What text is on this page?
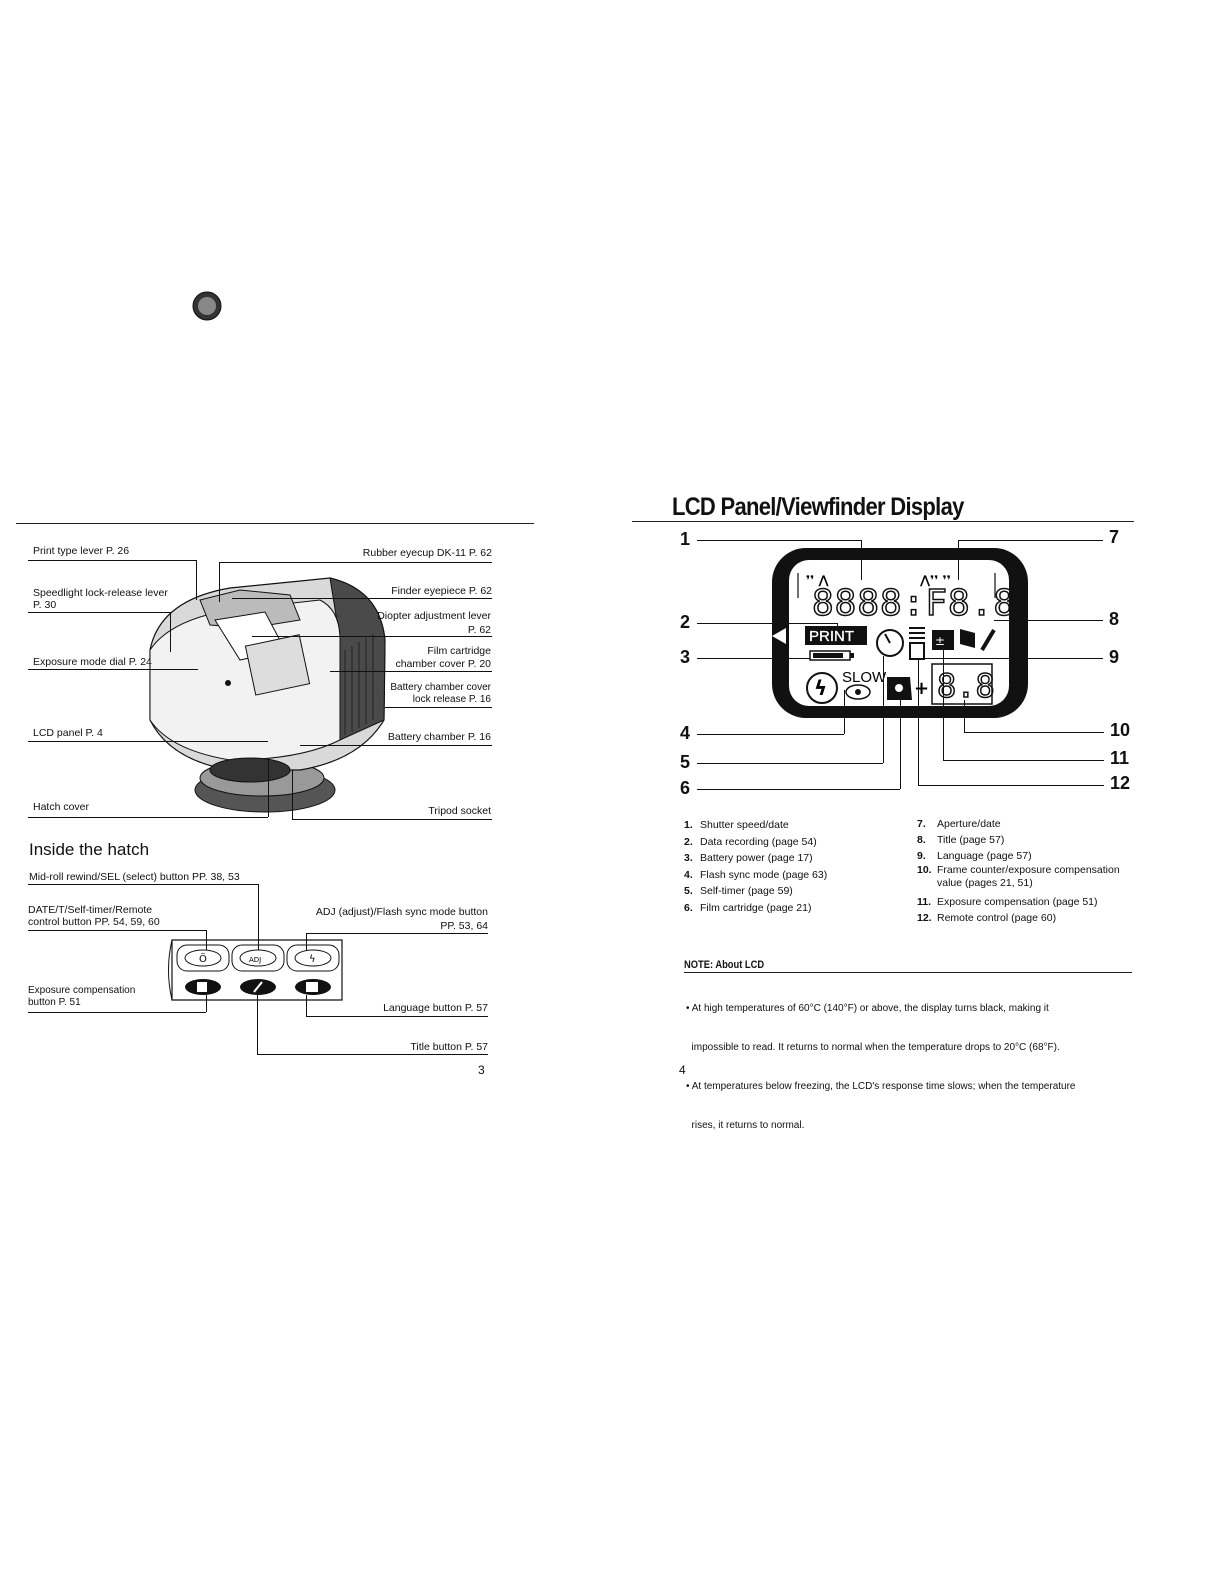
Print type lever P. 26	Rubber eyecup DK-11 P. 62
Speedlight lock-release lever
P. 30
Finder eyepiece P. 62
Diopter adjustment lever
P. 62
Film cartridge
chamber cover P. 20
Exposure mode dial P. 24
Battery chamber cover
lock release P. 16
LCD panel P. 4	Battery chamber P. 16
Hatch cover	Tripod socket
Inside the hatch
Mid-roll rewind/SEL (select) button PP. 38, 53
DATE/T/Self-timer/Remote
control button PP. 54, 59, 60
ADJ (adjust)/Flash sync mode button
PP. 53, 64
Ö	ADJ	ϟ
Exposure compensation
button P. 51	Language button P. 57
Title button P. 57
3
LCD Panel/Viewfinder Display
❜❜ ⋀	⋀❜❜ ❜❜
8888:F8.8
PRINT	±
ϟ SLOW
+ 8.8
1
2
3
4
5
6
7
8
9
10
11
12
1. Shutter speed/date
2. Data recording (page 54)
3. Battery power (page 17)
4. Flash sync mode (page 63)
5. Self-timer (page 59)
6. Film cartridge (page 21)
7. Aperture/date
8. Title (page 57)
9. Language (page 57)
10. Frame counter/exposure compensation
value (pages 21, 51)
11. Exposure compensation (page 51)
12. Remote control (page 60)
NOTE: About LCD

• At high temperatures of 60°C (140°F) or above, the display turns black, making it

impossible to read. It returns to normal when the temperature drops to 20°C (68°F).

• At temperatures below freezing, the LCD's response time slows; when the temperature

rises, it returns to normal.

4
